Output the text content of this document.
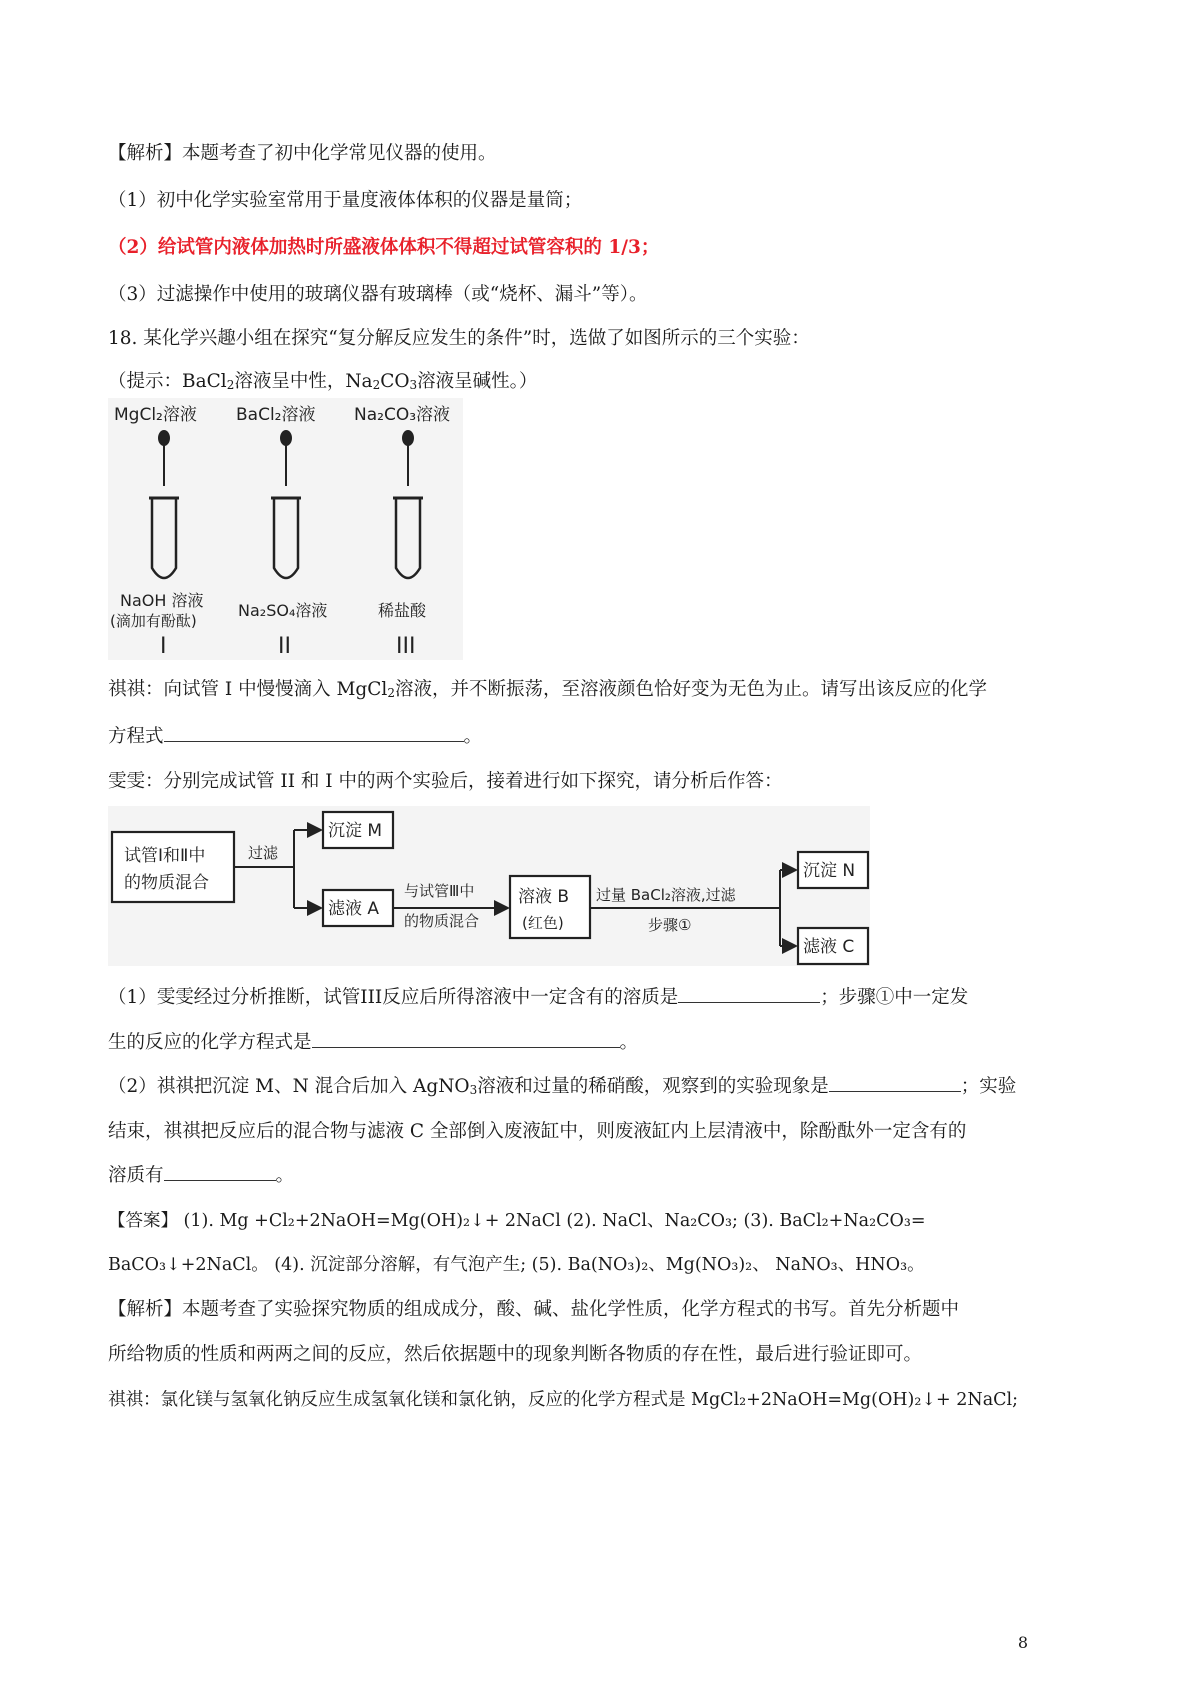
【解析】本题考查了初中化学常见仪器的使用。
（1）初中化学实验室常用于量度液体体积的仪器是量筒；
（2）给试管内液体加热时所盛液体体积不得超过试管容积的 1/3；
（3）过滤操作中使用的玻璃仪器有玻璃棒（或“烧杯、漏斗”等）。
18. 某化学兴趣小组在探究“复分解反应发生的条件”时，选做了如图所示的三个实验：
（提示：BaCl$_2$溶液呈中性，$Na_2CO_3$溶液呈碱性。）
MgCl₂溶液 BaCl₂溶液 Na₂CO₃溶液
NaOH 溶液
(滴加有酚酞)
Na₂SO₄溶液	稀盐酸
I	II	III
祺祺：向试管 I 中慢慢滴入 MgCl$_2$溶液，并不断振荡，至溶液颜色恰好变为无色为止。请写出该反应的化学
方程式	。
雯雯：分别完成试管 II 和 I 中的两个实验后，接着进行如下探究，请分析后作答：
试管Ⅰ和Ⅱ中
的物质混合
过滤
沉淀 M
滤液 A
与试管Ⅲ中
的物质混合
溶液 B
(红色)
过量 BaCl₂溶液,过滤
步骤①
沉淀 N
滤液 C
（1）雯雯经过分析推断，试管III反应后所得溶液中一定含有的溶质是	；步骤①中一定发
生的反应的化学方程式是	。
（2）祺祺把沉淀 M、N 混合后加入 AgNO$_3$溶液和过量的稀硝酸，观察到的实验现象是	；实验
结束，祺祺把反应后的混合物与滤液 C 全部倒入废液缸中，则废液缸内上层清液中，除酚酞外一定含有的
溶质有	。
【答案】 (1). Mg +Cl₂+2NaOH=Mg(OH)₂↓+ 2NaCl (2). NaCl、Na₂CO₃; (3). BaCl₂+Na₂CO₃=
BaCO₃↓+2NaCl。 (4). 沉淀部分溶解，有气泡产生; (5). Ba(NO₃)₂、Mg(NO₃)₂、 NaNO₃、HNO₃。
【解析】本题考查了实验探究物质的组成成分，酸、碱、盐化学性质，化学方程式的书写。首先分析题中
所给物质的性质和两两之间的反应，然后依据题中的现象判断各物质的存在性，最后进行验证即可。
祺祺：氯化镁与氢氧化钠反应生成氢氧化镁和氯化钠，反应的化学方程式是 MgCl₂+2NaOH=Mg(OH)₂↓+ 2NaCl;
8
